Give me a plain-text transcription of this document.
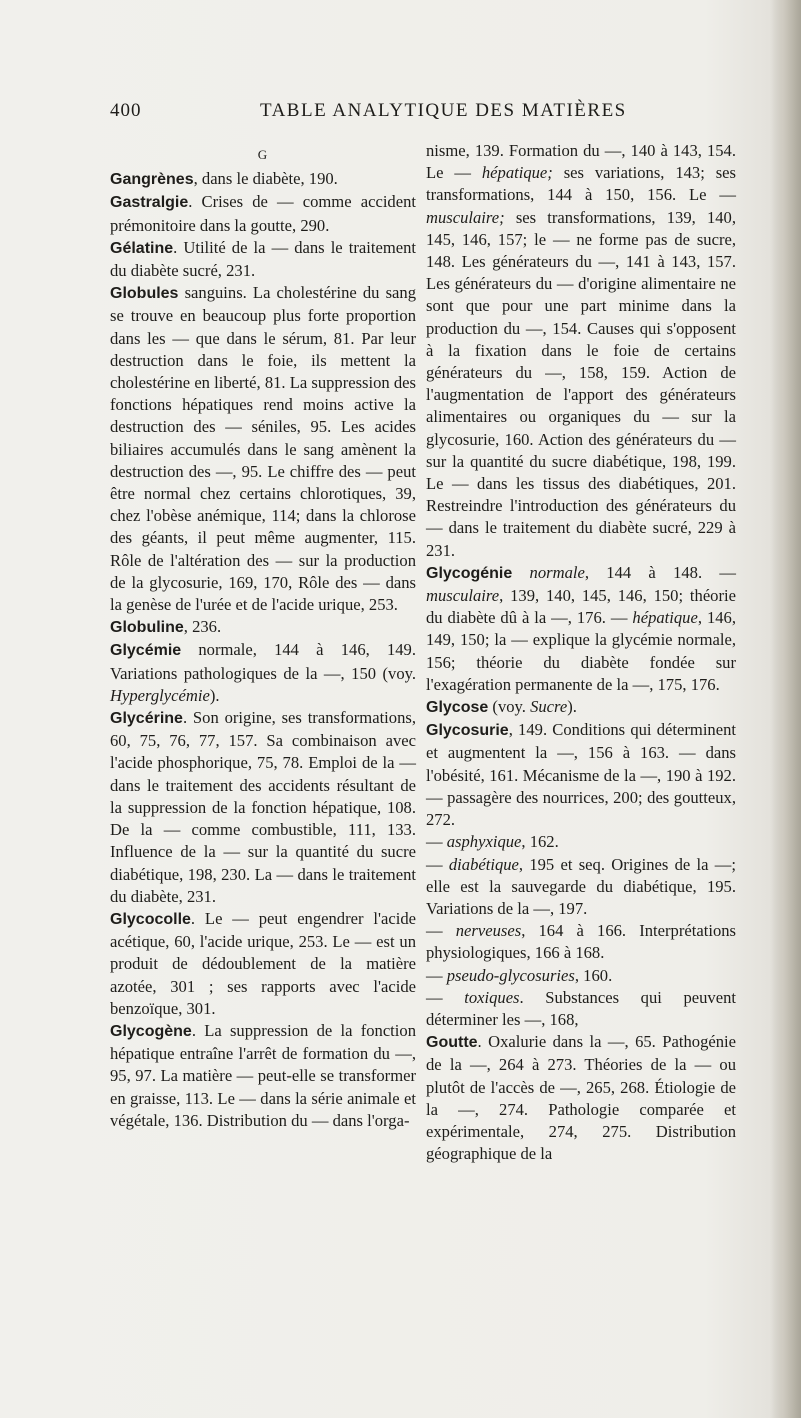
400	TABLE ANALYTIQUE DES MATIÈRES
G

Gangrènes, dans le diabète, 190.

Gastralgie. Crises de — comme accident prémonitoire dans la goutte, 290.

Gélatine. Utilité de la — dans le traitement du diabète sucré, 231.

Globules sanguins. La cholestérine du sang se trouve en beaucoup plus forte proportion dans les — que dans le sérum, 81. Par leur destruction dans le foie, ils mettent la cholestérine en liberté, 81. La suppression des fonctions hépatiques rend moins active la destruction des — séniles, 95. Les acides biliaires accumulés dans le sang amènent la destruction des —, 95. Le chiffre des — peut être normal chez certains chlorotiques, 39, chez l'obèse anémique, 114; dans la chlorose des géants, il peut même augmenter, 115. Rôle de l'altération des — sur la production de la glycosurie, 169, 170, Rôle des — dans la genèse de l'urée et de l'acide urique, 253.

Globuline, 236.

Glycémie normale, 144 à 146, 149. Variations pathologiques de la —, 150 (voy. Hyperglycémie).

Glycérine. Son origine, ses transformations, 60, 75, 76, 77, 157. Sa combinaison avec l'acide phosphorique, 75, 78. Emploi de la — dans le traitement des accidents résultant de la suppression de la fonction hépatique, 108. De la — comme combustible, 111, 133. Influence de la — sur la quantité du sucre diabétique, 198, 230. La — dans le traitement du diabète, 231.

Glycocolle. Le — peut engendrer l'acide acétique, 60, l'acide urique, 253. Le — est un produit de dédoublement de la matière azotée, 301 ; ses rapports avec l'acide benzoïque, 301.

Glycogène. La suppression de la fonction hépatique entraîne l'arrêt de formation du —, 95, 97. La matière — peut-elle se transformer en graisse, 113. Le — dans la série animale et végétale, 136. Distribution du — dans l'orga-

nisme, 139. Formation du —, 140 à 143, 154. Le — hépatique; ses variations, 143; ses transformations, 144 à 150, 156. Le — musculaire; ses transformations, 139, 140, 145, 146, 157; le — ne forme pas de sucre, 148. Les générateurs du —, 141 à 143, 157. Les générateurs du — d'origine alimentaire ne sont que pour une part minime dans la production du —, 154. Causes qui s'opposent à la fixation dans le foie de certains générateurs du —, 158, 159. Action de l'augmentation de l'apport des générateurs alimentaires ou organiques du — sur la glycosurie, 160. Action des générateurs du — sur la quantité du sucre diabétique, 198, 199. Le — dans les tissus des diabétiques, 201. Restreindre l'introduction des générateurs du — dans le traitement du diabète sucré, 229 à 231.

Glycogénie normale, 144 à 148. — musculaire, 139, 140, 145, 146, 150; théorie du diabète dû à la —, 176. — hépatique, 146, 149, 150; la — explique la glycémie normale, 156; théorie du diabète fondée sur l'exagération permanente de la —, 175, 176.

Glycose (voy. Sucre).

Glycosurie, 149. Conditions qui déterminent et augmentent la —, 156 à 163. — dans l'obésité, 161. Mécanisme de la —, 190 à 192. — passagère des nourrices, 200; des goutteux, 272.

— asphyxique, 162.

— diabétique, 195 et seq. Origines de la —; elle est la sauvegarde du diabétique, 195. Variations de la —, 197.

— nerveuses, 164 à 166. Interprétations physiologiques, 166 à 168.

— pseudo-glycosuries, 160.

— toxiques. Substances qui peuvent déterminer les —, 168,

Goutte. Oxalurie dans la —, 65. Pathogénie de la —, 264 à 273. Théories de la — ou plutôt de l'accès de —, 265, 268. Étiologie de la —, 274. Pathologie comparée et expérimentale, 274, 275. Distribution géographique de la
